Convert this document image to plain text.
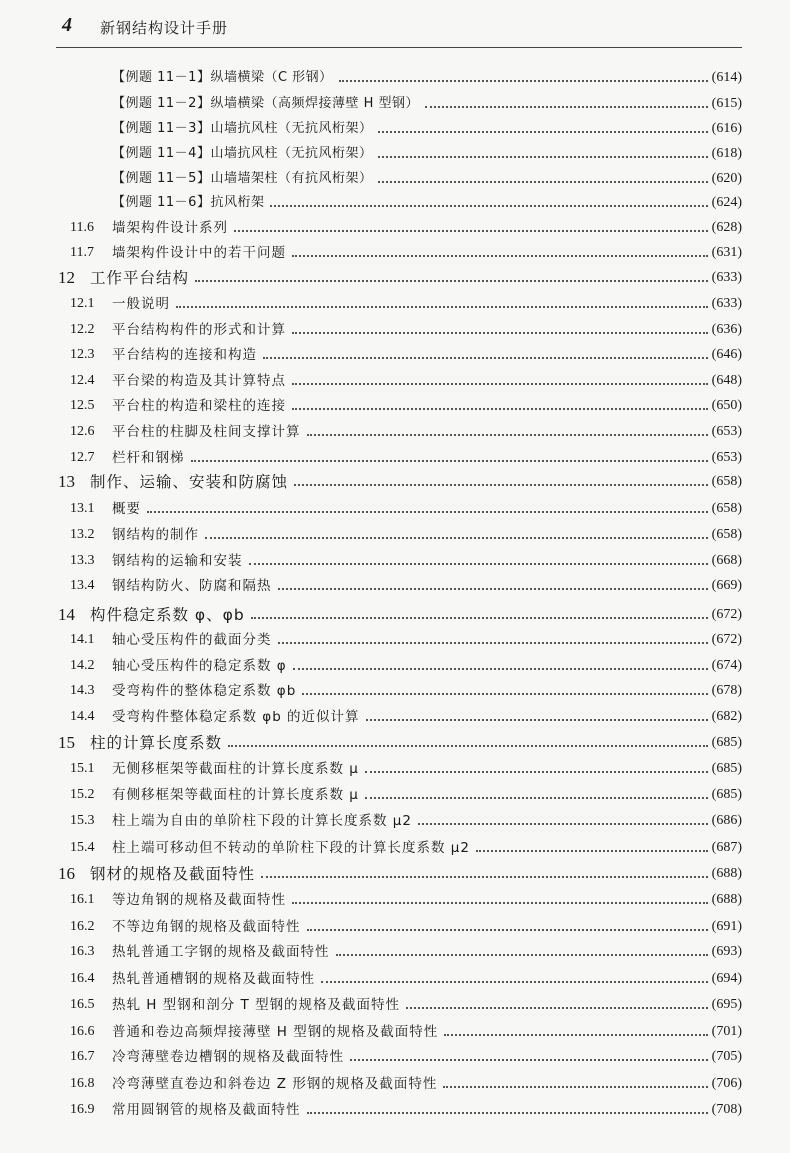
4 新钢结构设计手册
【例题 11－1】纵墙横梁（C 形钢）	(614)
【例题 11－2】纵墙横梁（高频焊接薄壁 H 型钢）	(615)
【例题 11－3】山墙抗风柱（无抗风桁架）	(616)
【例题 11－4】山墙抗风柱（无抗风桁架）	(618)
【例题 11－5】山墙墙架柱（有抗风桁架）	(620)
【例题 11－6】抗风桁架	(624)
11.6	墙架构件设计系列	(628)
11.7	墙架构件设计中的若干问题	(631)
12 工作平台结构	(633)
12.1	一般说明	(633)
12.2	平台结构构件的形式和计算	(636)
12.3	平台结构的连接和构造	(646)
12.4	平台梁的构造及其计算特点	(648)
12.5	平台柱的构造和梁柱的连接	(650)
12.6	平台柱的柱脚及柱间支撑计算	(653)
12.7	栏杆和钢梯	(653)
13 制作、运输、安装和防腐蚀	(658)
13.1	概要	(658)
13.2	钢结构的制作	(658)
13.3	钢结构的运输和安装	(668)
13.4	钢结构防火、防腐和隔热	(669)
14 构件稳定系数 φ、φb	(672)
14.1	轴心受压构件的截面分类	(672)
14.2	轴心受压构件的稳定系数 φ	(674)
14.3	受弯构件的整体稳定系数 φb	(678)
14.4	受弯构件整体稳定系数 φb 的近似计算	(682)
15 柱的计算长度系数	(685)
15.1	无侧移框架等截面柱的计算长度系数 μ	(685)
15.2	有侧移框架等截面柱的计算长度系数 μ	(685)
15.3	柱上端为自由的单阶柱下段的计算长度系数 μ2	(686)
15.4	柱上端可移动但不转动的单阶柱下段的计算长度系数 μ2	(687)
16 钢材的规格及截面特性	(688)
16.1	等边角钢的规格及截面特性	(688)
16.2	不等边角钢的规格及截面特性	(691)
16.3	热轧普通工字钢的规格及截面特性	(693)
16.4	热轧普通槽钢的规格及截面特性	(694)
16.5	热轧 H 型钢和剖分 T 型钢的规格及截面特性	(695)
16.6	普通和卷边高频焊接薄壁 H 型钢的规格及截面特性	(701)
16.7	冷弯薄壁卷边槽钢的规格及截面特性	(705)
16.8	冷弯薄壁直卷边和斜卷边 Z 形钢的规格及截面特性	(706)
16.9	常用圆钢管的规格及截面特性	(708)
